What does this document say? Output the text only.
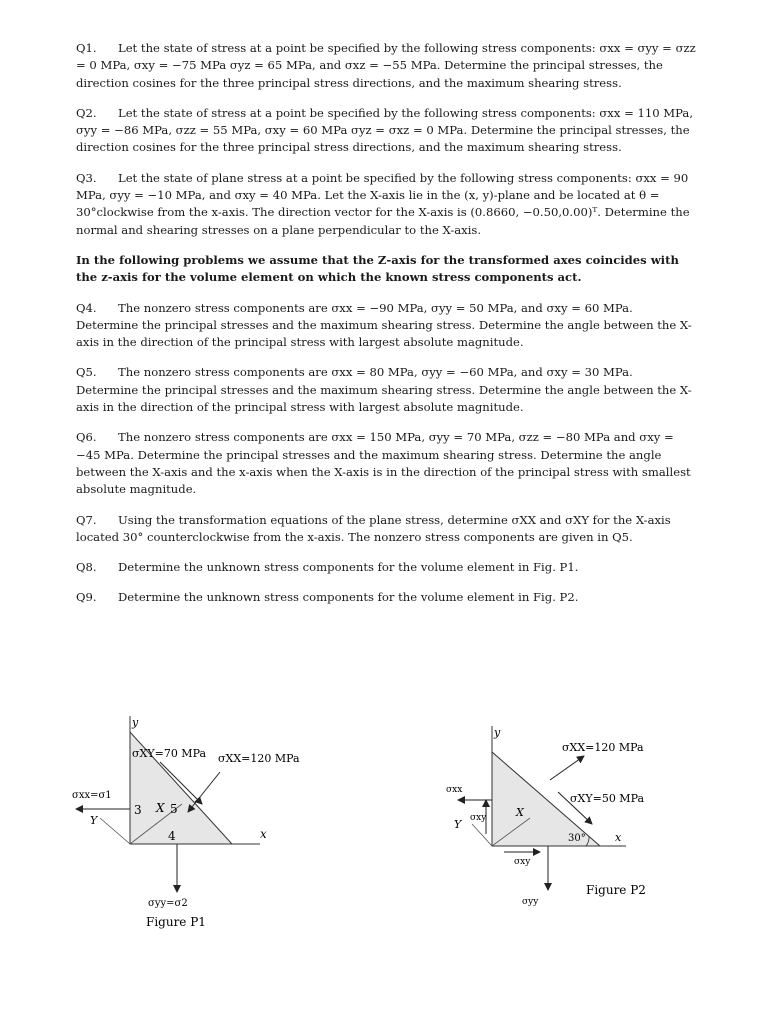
Q1. Let the state of stress at a point be specified by the following stress components: σxx = σyy = σzz = 0 MPa, σxy = −75 MPa σyz = 65 MPa, and σxz = −55 MPa. Determine the principal stresses, the direction cosines for the three principal stress directions, and the maximum shearing stress.

Q2. Let the state of stress at a point be specified by the following stress components: σxx = 110 MPa, σyy = −86 MPa, σzz = 55 MPa, σxy = 60 MPa σyz = σxz = 0 MPa. Determine the principal stresses, the direction cosines for the three principal stress directions, and the maximum shearing stress.

Q3. Let the state of plane stress at a point be specified by the following stress components: σxx = 90 MPa, σyy = −10 MPa, and σxy = 40 MPa. Let the X-axis lie in the (x, y)-plane and be located at θ = 30°clockwise from the x-axis. The direction vector for the X-axis is (0.8660, −0.50,0.00)ᵀ. Determine the normal and shearing stresses on a plane perpendicular to the X-axis.

In the following problems we assume that the Z-axis for the transformed axes coincides with the z-axis for the volume element on which the known stress components act.

Q4. The nonzero stress components are σxx = −90 MPa, σyy = 50 MPa, and σxy = 60 MPa. Determine the principal stresses and the maximum shearing stress. Determine the angle between the X-axis in the direction of the principal stress with largest absolute magnitude.

Q5. The nonzero stress components are σxx = 80 MPa, σyy = −60 MPa, and σxy = 30 MPa. Determine the principal stresses and the maximum shearing stress. Determine the angle between the X-axis in the direction of the principal stress with largest absolute magnitude.

Q6. The nonzero stress components are σxx = 150 MPa, σyy = 70 MPa, σzz = −80 MPa and σxy = −45 MPa. Determine the principal stresses and the maximum shearing stress. Determine the angle between the X-axis and the x-axis when the X-axis is in the direction of the principal stress with smallest absolute magnitude.

Q7. Using the transformation equations of the plane stress, determine σXX and σXY for the X-axis located 30° counterclockwise from the x-axis. The nonzero stress components are given in Q5.

Q8. Determine the unknown stress components for the volume element in Fig. P1.

Q9. Determine the unknown stress components for the volume element in Fig. P2.

y
x
X
Y
3
4
5
σXY=70 MPa σXX=120 MPa
σxx=σ1
σyy=σ2
Figure P1
y
x
X
Y
30°
σXX=120 MPa
σXY=50 MPa
σxx
σxy
σxy
σyy
Figure P2
